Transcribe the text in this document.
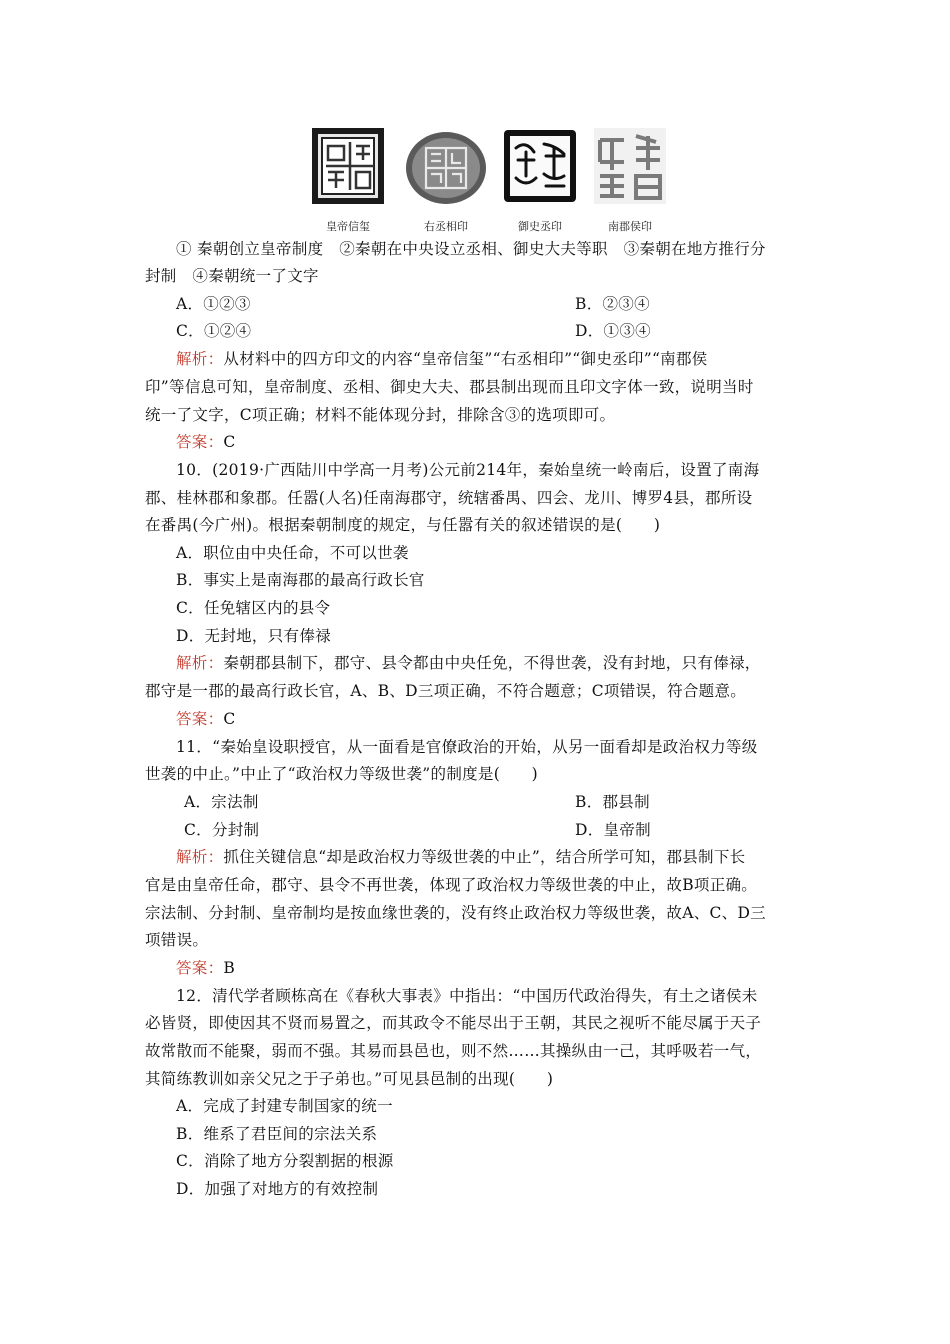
皇帝信玺	右丞相印	御史丞印	南郡侯印
① 秦朝创立皇帝制度　②秦朝在中央设立丞相、御史大夫等职　③秦朝在地方推行分
封制　④秦朝统一了文字
A．①②③	B．②③④
C．①②④	D．①③④
解析：从材料中的四方印文的内容“皇帝信玺”“右丞相印”“御史丞印”“南郡侯
印”等信息可知，皇帝制度、丞相、御史大夫、郡县制出现而且印文字体一致，说明当时
统一了文字，C项正确；材料不能体现分封，排除含③的选项即可。
答案：C
10．(2019·广西陆川中学高一月考)公元前214年，秦始皇统一岭南后，设置了南海
郡、桂林郡和象郡。任嚣(人名)任南海郡守，统辖番禺、四会、龙川、博罗4县，郡所设
在番禺(今广州)。根据秦朝制度的规定，与任嚣有关的叙述错误的是(　　)
A．职位由中央任命，不可以世袭
B．事实上是南海郡的最高行政长官
C．任免辖区内的县令
D．无封地，只有俸禄
解析：秦朝郡县制下，郡守、县令都由中央任免，不得世袭，没有封地，只有俸禄，
郡守是一郡的最高行政长官，A、B、D三项正确，不符合题意；C项错误，符合题意。
答案：C
11．“秦始皇设职授官，从一面看是官僚政治的开始，从另一面看却是政治权力等级
世袭的中止。”中止了“政治权力等级世袭”的制度是(　　)
A．宗法制	B．郡县制
C．分封制	D．皇帝制
解析：抓住关键信息“却是政治权力等级世袭的中止”，结合所学可知，郡县制下长
官是由皇帝任命，郡守、县令不再世袭，体现了政治权力等级世袭的中止，故B项正确。
宗法制、分封制、皇帝制均是按血缘世袭的，没有终止政治权力等级世袭，故A、C、D三
项错误。
答案：B
12．清代学者顾栋高在《春秋大事表》中指出：“中国历代政治得失，有土之诸侯未
必皆贤，即使因其不贤而易置之，而其政令不能尽出于王朝，其民之视听不能尽属于天子
故常散而不能聚，弱而不强。其易而县邑也，则不然……其操纵由一己，其呼吸若一气，
其简练教训如亲父兄之于子弟也。”可见县邑制的出现(　　)
A．完成了封建专制国家的统一
B．维系了君臣间的宗法关系
C．消除了地方分裂割据的根源
D．加强了对地方的有效控制
